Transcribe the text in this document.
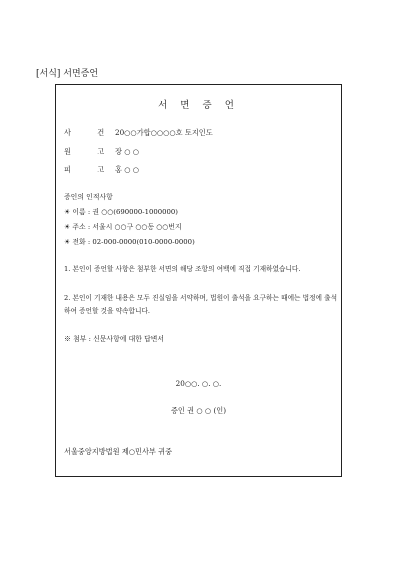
[서식] 서면증언
서 면 증 언
사 건
20○○가합○○○○호 토지인도
원 고
장 ○ ○
피 고
홍 ○ ○
증인의 인적사항
☀ 이름 : 권 ○○(690000-1000000)
☀ 주소 : 서울시 ○○구 ○○동 ○○번지
☀ 전화 : 02-000-0000(010-0000-0000)
1. 본인이 증언할 사항은 첨부한 서면의 해당 조항의 여백에 직접 기재하였습니다.
2. 본인이 기재한 내용은 모두 진실임을 서약하며, 법원이 출석을 요구하는 때에는 법정에 출석하여 증언할 것을 약속합니다.
※ 첨부 : 신문사항에 대한 답변서
20○○. ○. ○.
증인 권 ○ ○ (인)
서울중앙지방법원 제○민사부 귀중
